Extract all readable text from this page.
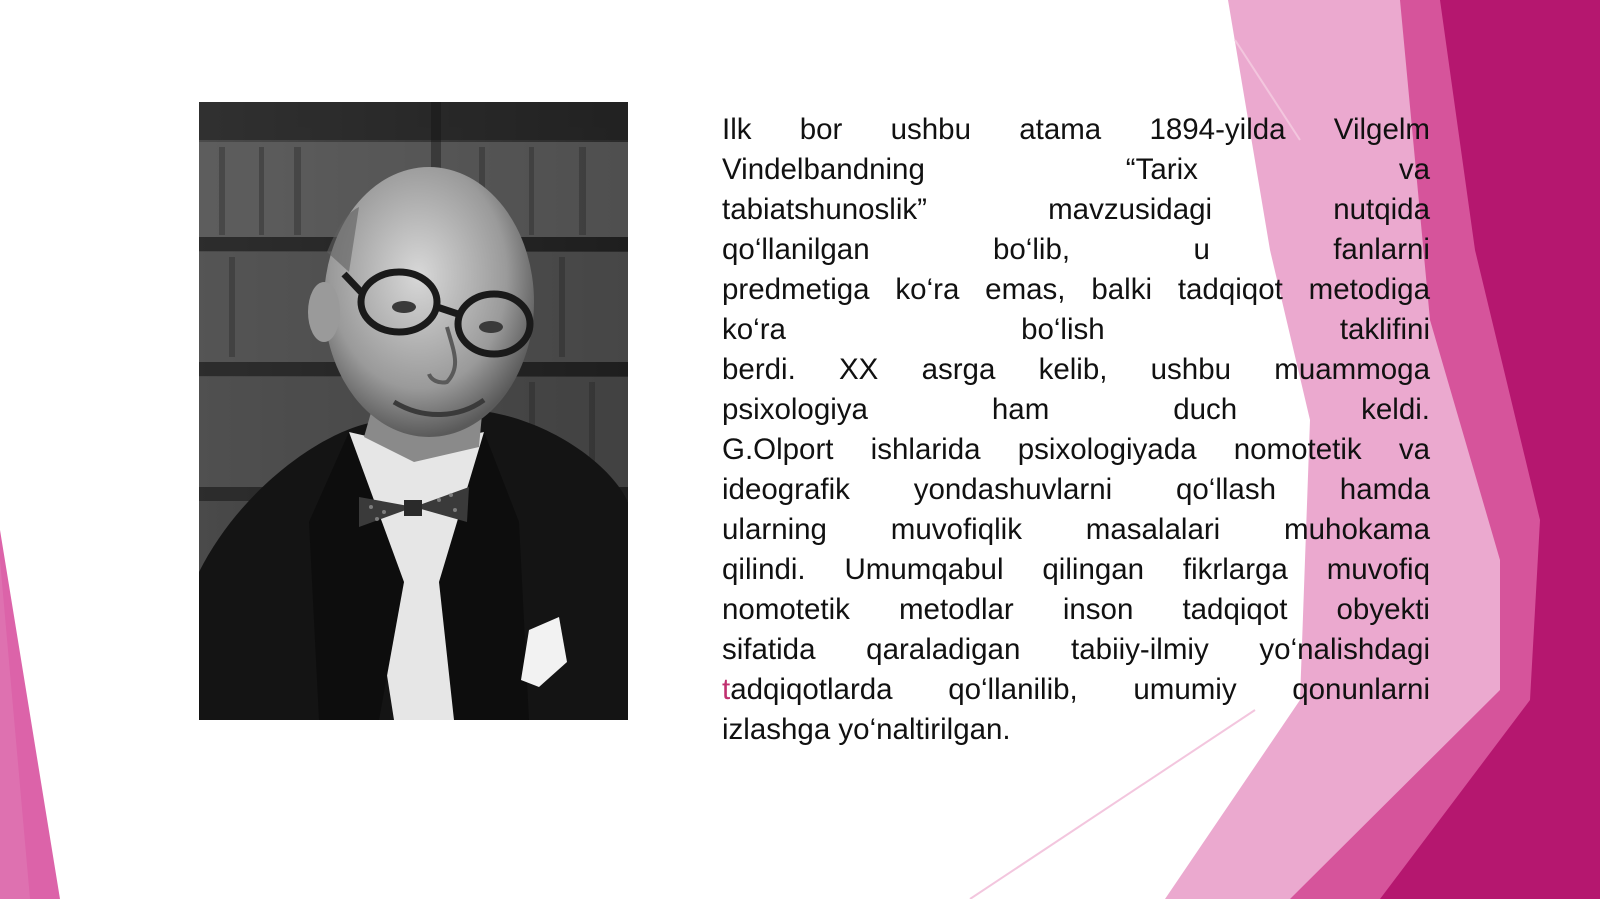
Ilk bor ushbu atama 1894-yilda Vilgelm
Vindelbandning “Tarix va
tabiatshunoslik” mavzusidagi nutqida
qo‘llanilgan bo‘lib, u fanlarni
predmetiga ko‘ra emas, balki tadqiqot metodiga
ko‘ra bo‘lish taklifini
berdi. XX asrga kelib, ushbu muammoga
psixologiya ham duch keldi.
G.Olport ishlarida psixologiyada nomotetik va
ideografik yondashuvlarni qo‘llash hamda
ularning muvofiqlik masalalari muhokama
qilindi. Umumqabul qilingan fikrlarga muvofiq
nomotetik metodlar inson tadqiqot obyekti
sifatida qaraladigan tabiiy-ilmiy yo‘nalishdagi
tadqiqotlarda qo‘llanilib, umumiy qonunlarni
izlashga yo‘naltirilgan.
